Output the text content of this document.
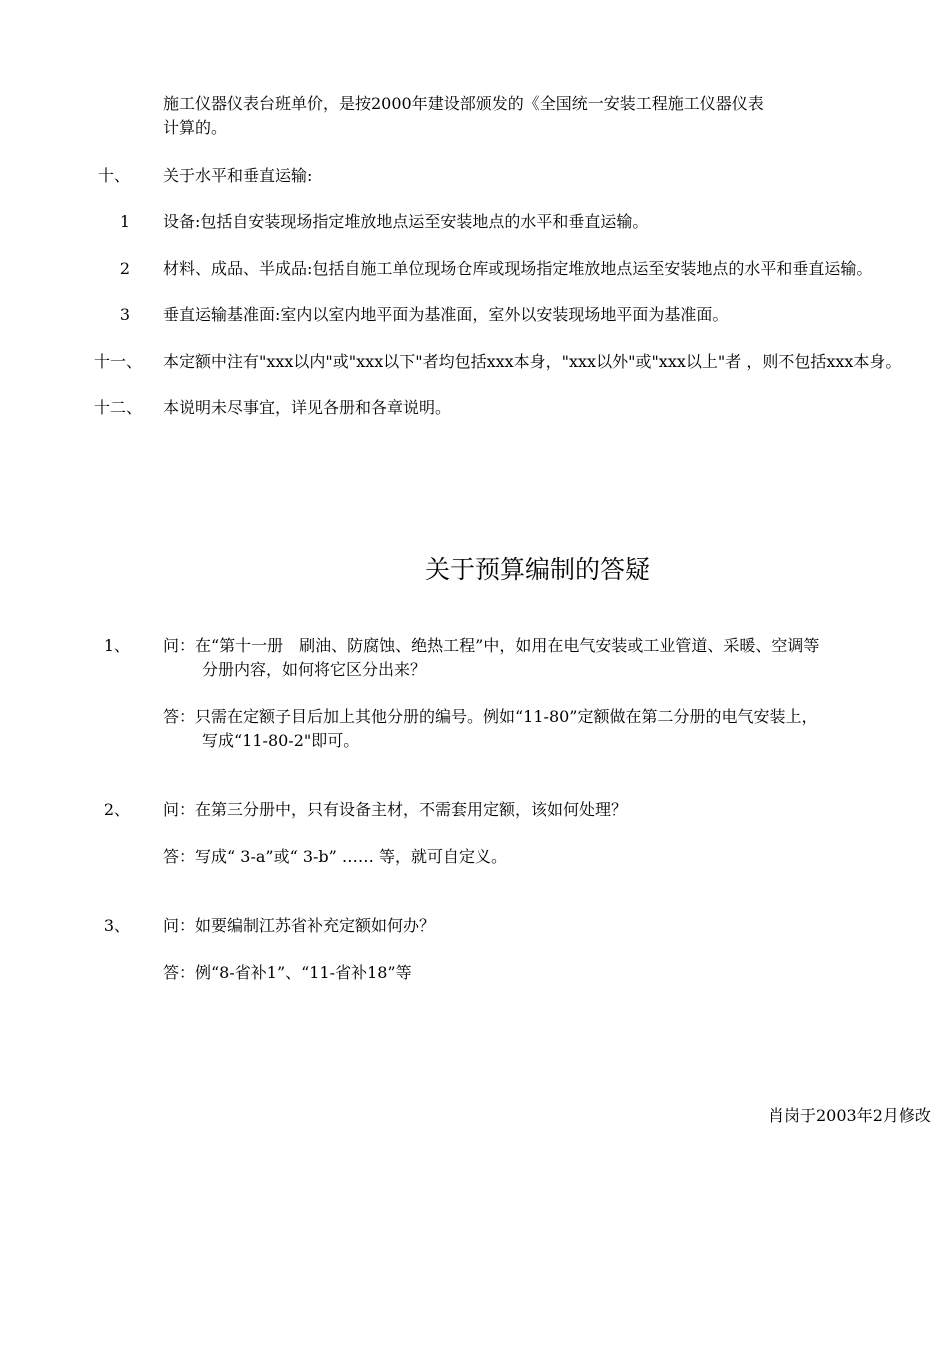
施工仪器仪表台班单价，是按2000年建设部颁发的《全国统一安装工程施工仪器仪表
计算的。
十、 关于水平和垂直运输:
1 设备:包括自安装现场指定堆放地点运至安装地点的水平和垂直运输。
2 材料、成品、半成品:包括自施工单位现场仓库或现场指定堆放地点运至安装地点的水平和垂直运输。
3 垂直运输基准面:室内以室内地平面为基准面，室外以安装现场地平面为基准面。
十一、 本定额中注有"xxx以内"或"xxx以下"者均包括xxx本身，"xxx以外"或"xxx以上"者 ，则不包括xxx本身。
十二、 本说明未尽事宜，详见各册和各章说明。
关于预算编制的答疑
1、 问：在“第十一册　刷油、防腐蚀、绝热工程”中，如用在电气安装或工业管道、采暖、空调等
分册内容，如何将它区分出来？
答：只需在定额子目后加上其他分册的编号。例如“11-80”定额做在第二分册的电气安装上，
写成“11-80-2"即可。
2、 问：在第三分册中，只有设备主材，不需套用定额，该如何处理？
答：写成“ 3-a”或“ 3-b” …… 等，就可自定义。
3、 问：如要编制江苏省补充定额如何办？
答：例“8-省补1”、“11-省补18”等
肖岗于2003年2月修改
